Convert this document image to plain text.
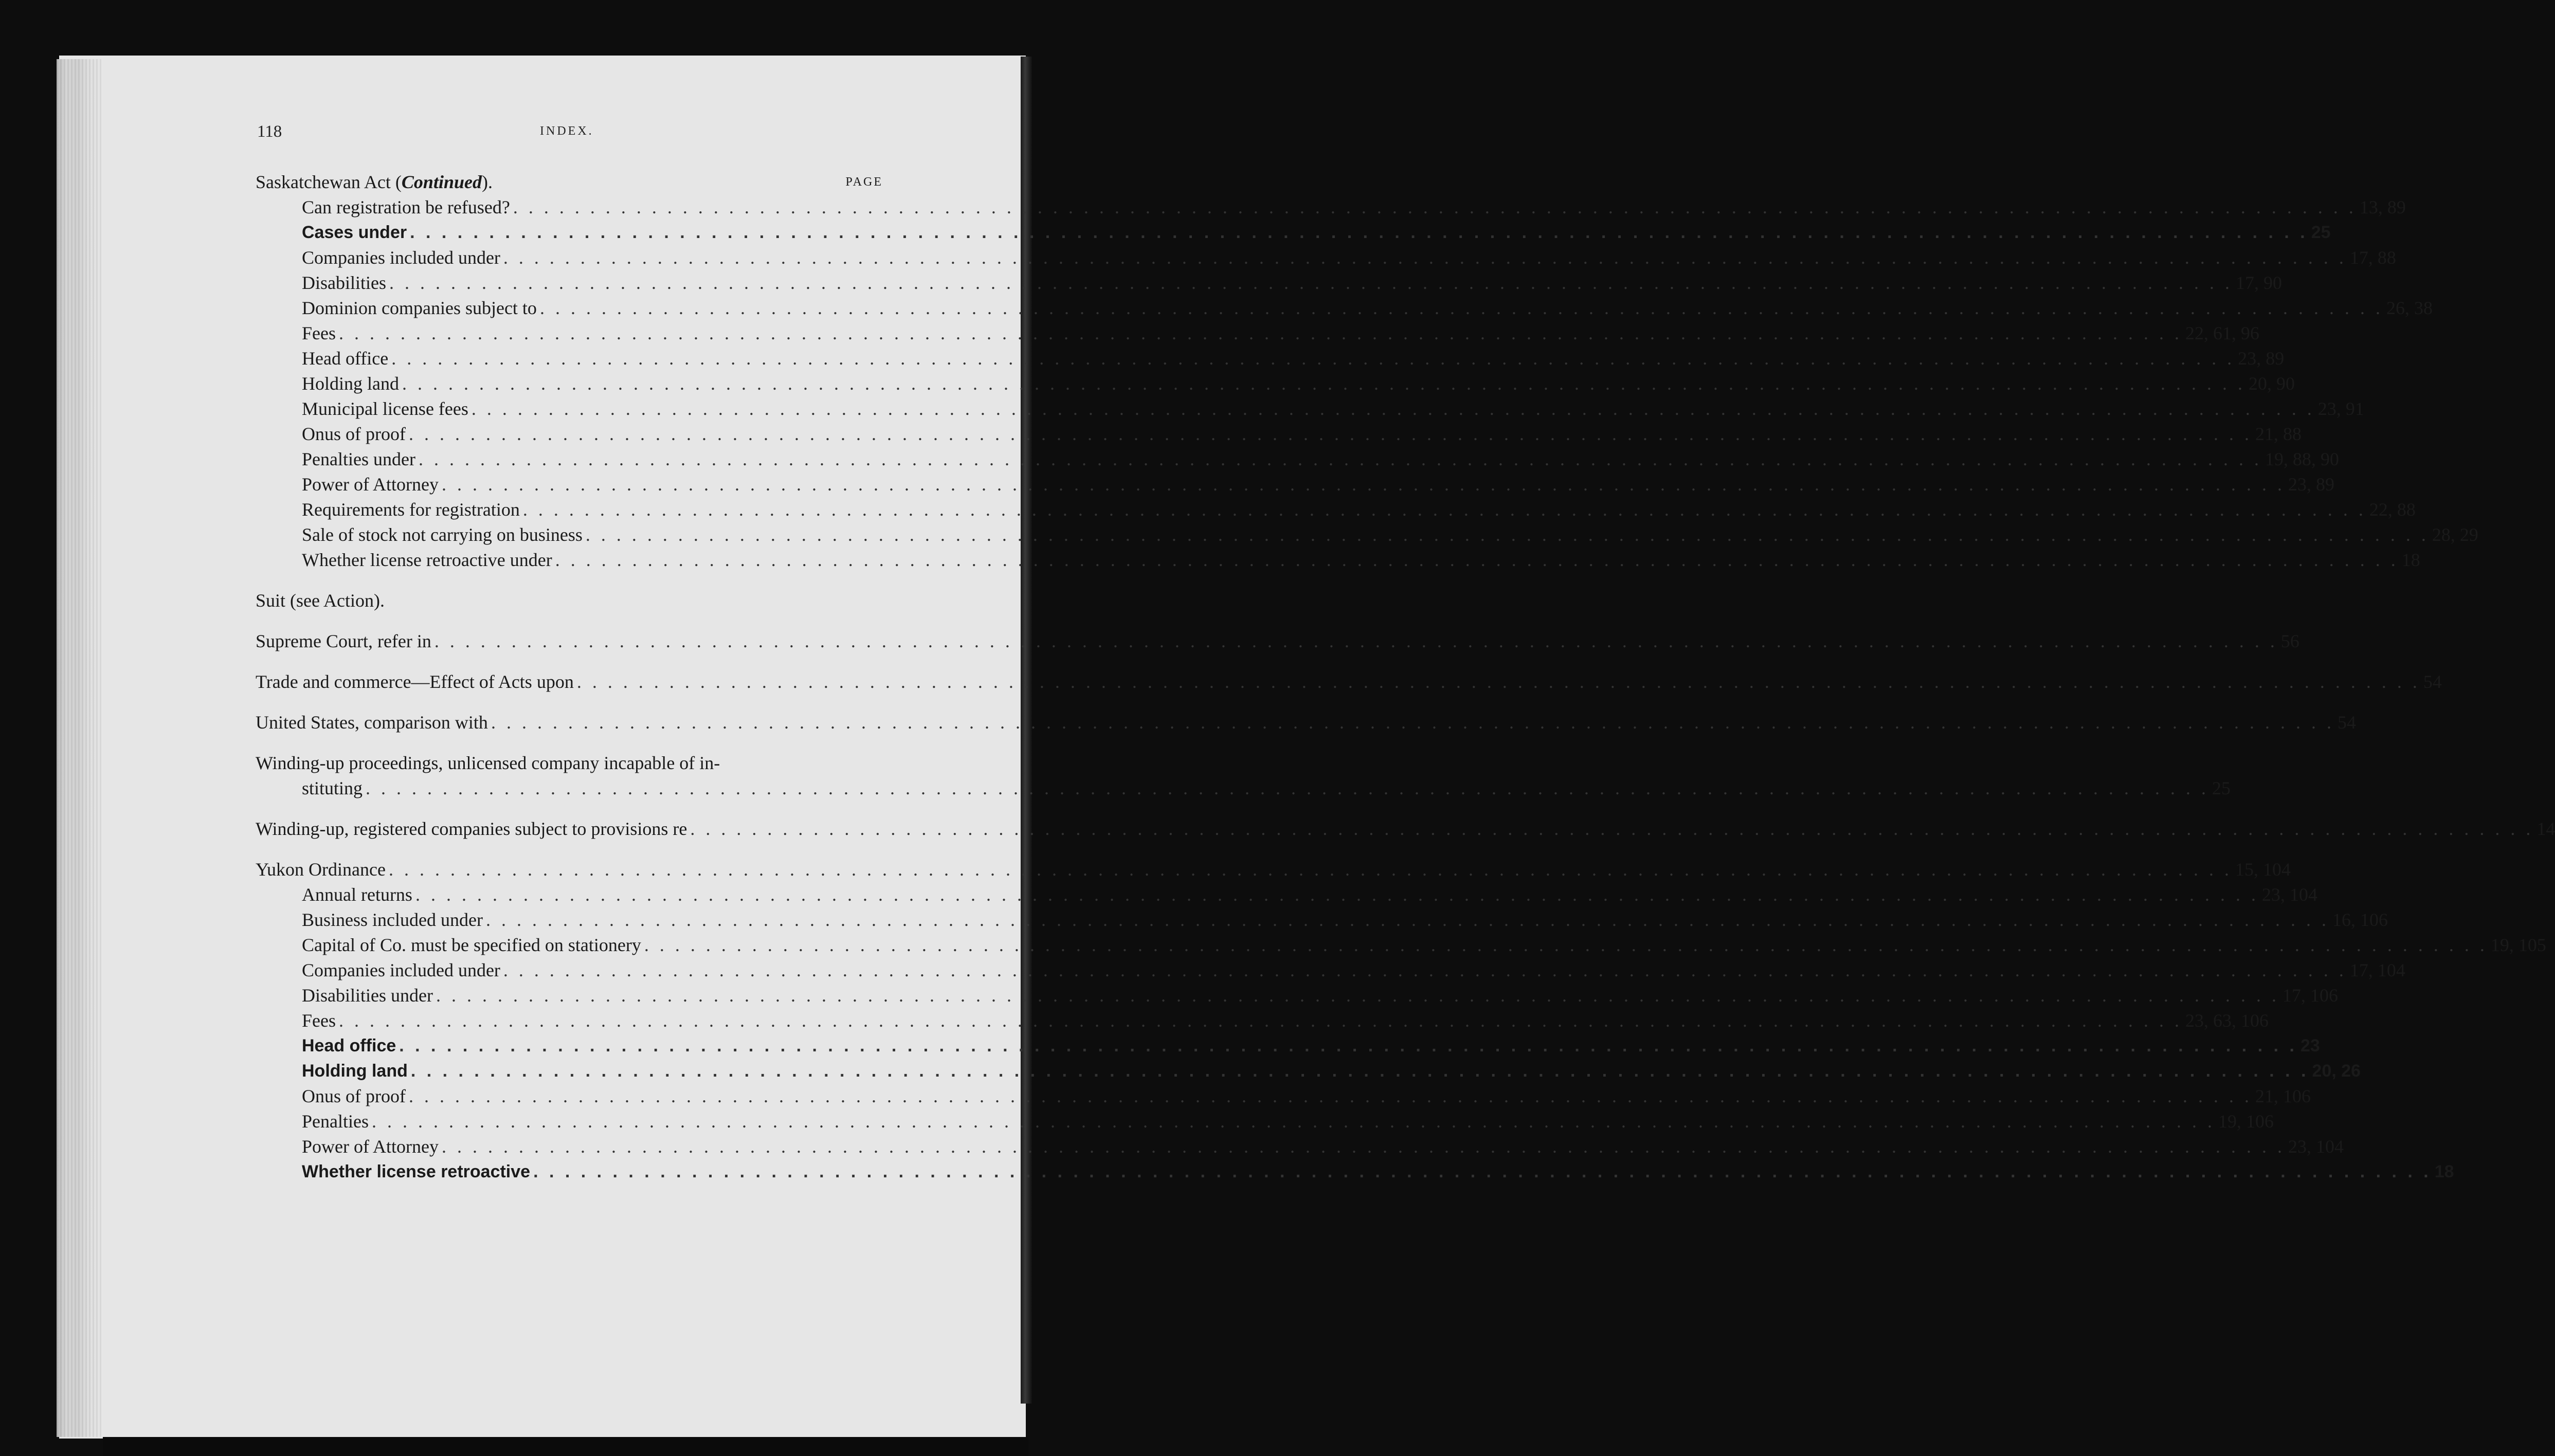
118	INDEX.
Saskatchewan Act (Continued).	PAGE
Can registration be refused? . . . . . . . . . . . . . . . . . . . . . . . . . . . . . . . . . . . . . . . . . . . . . . . . . . . . . . . . . . . . . . . . . . . . . . . . . . . . . . . . . . . . . . . . . . . . . . . . . . . . . . . . . . . . . . . . . . . . . . . . 13, 89
Cases under . . . . . . . . . . . . . . . . . . . . . . . . . . . . . . . . . . . . . . . . . . . . . . . . . . . . . . . . . . . . . . . . . . . . . . . . . . . . . . . . . . . . . . . . . . . . . . . . . . . . . . . . . . . . . . . . . . . . . . . . 25
Companies included under . . . . . . . . . . . . . . . . . . . . . . . . . . . . . . . . . . . . . . . . . . . . . . . . . . . . . . . . . . . . . . . . . . . . . . . . . . . . . . . . . . . . . . . . . . . . . . . . . . . . . . . . . . . . . . . . . . . . . . . . 17, 88
Disabilities . . . . . . . . . . . . . . . . . . . . . . . . . . . . . . . . . . . . . . . . . . . . . . . . . . . . . . . . . . . . . . . . . . . . . . . . . . . . . . . . . . . . . . . . . . . . . . . . . . . . . . . . . . . . . . . . . . . . . . . . 17, 90
Dominion companies subject to . . . . . . . . . . . . . . . . . . . . . . . . . . . . . . . . . . . . . . . . . . . . . . . . . . . . . . . . . . . . . . . . . . . . . . . . . . . . . . . . . . . . . . . . . . . . . . . . . . . . . . . . . . . . . . . . . . . . . . . . 26, 38
Fees . . . . . . . . . . . . . . . . . . . . . . . . . . . . . . . . . . . . . . . . . . . . . . . . . . . . . . . . . . . . . . . . . . . . . . . . . . . . . . . . . . . . . . . . . . . . . . . . . . . . . . . . . . . . . . . . . . . . . . . . 22, 61, 96
Head office . . . . . . . . . . . . . . . . . . . . . . . . . . . . . . . . . . . . . . . . . . . . . . . . . . . . . . . . . . . . . . . . . . . . . . . . . . . . . . . . . . . . . . . . . . . . . . . . . . . . . . . . . . . . . . . . . . . . . . . . 23, 89
Holding land . . . . . . . . . . . . . . . . . . . . . . . . . . . . . . . . . . . . . . . . . . . . . . . . . . . . . . . . . . . . . . . . . . . . . . . . . . . . . . . . . . . . . . . . . . . . . . . . . . . . . . . . . . . . . . . . . . . . . . . . 20, 90
Municipal license fees . . . . . . . . . . . . . . . . . . . . . . . . . . . . . . . . . . . . . . . . . . . . . . . . . . . . . . . . . . . . . . . . . . . . . . . . . . . . . . . . . . . . . . . . . . . . . . . . . . . . . . . . . . . . . . . . . . . . . . . . 23, 91
Onus of proof . . . . . . . . . . . . . . . . . . . . . . . . . . . . . . . . . . . . . . . . . . . . . . . . . . . . . . . . . . . . . . . . . . . . . . . . . . . . . . . . . . . . . . . . . . . . . . . . . . . . . . . . . . . . . . . . . . . . . . . . 21, 88
Penalties under . . . . . . . . . . . . . . . . . . . . . . . . . . . . . . . . . . . . . . . . . . . . . . . . . . . . . . . . . . . . . . . . . . . . . . . . . . . . . . . . . . . . . . . . . . . . . . . . . . . . . . . . . . . . . . . . . . . . . . . . 19, 88, 90
Power of Attorney . . . . . . . . . . . . . . . . . . . . . . . . . . . . . . . . . . . . . . . . . . . . . . . . . . . . . . . . . . . . . . . . . . . . . . . . . . . . . . . . . . . . . . . . . . . . . . . . . . . . . . . . . . . . . . . . . . . . . . . . 23, 89
Requirements for registration . . . . . . . . . . . . . . . . . . . . . . . . . . . . . . . . . . . . . . . . . . . . . . . . . . . . . . . . . . . . . . . . . . . . . . . . . . . . . . . . . . . . . . . . . . . . . . . . . . . . . . . . . . . . . . . . . . . . . . . . 22, 88
Sale of stock not carrying on business . . . . . . . . . . . . . . . . . . . . . . . . . . . . . . . . . . . . . . . . . . . . . . . . . . . . . . . . . . . . . . . . . . . . . . . . . . . . . . . . . . . . . . . . . . . . . . . . . . . . . . . . . . . . . . . . . . . . . . . . 28, 29
Whether license retroactive under . . . . . . . . . . . . . . . . . . . . . . . . . . . . . . . . . . . . . . . . . . . . . . . . . . . . . . . . . . . . . . . . . . . . . . . . . . . . . . . . . . . . . . . . . . . . . . . . . . . . . . . . . . . . . . . . . . . . . . . . 18
Suit (see Action).
Supreme Court, refer in . . . . . . . . . . . . . . . . . . . . . . . . . . . . . . . . . . . . . . . . . . . . . . . . . . . . . . . . . . . . . . . . . . . . . . . . . . . . . . . . . . . . . . . . . . . . . . . . . . . . . . . . . . . . . . . . . . . . . . . . 56
Trade and commerce—Effect of Acts upon . . . . . . . . . . . . . . . . . . . . . . . . . . . . . . . . . . . . . . . . . . . . . . . . . . . . . . . . . . . . . . . . . . . . . . . . . . . . . . . . . . . . . . . . . . . . . . . . . . . . . . . . . . . . . . . . . . . . . . . . 54
United States, comparison with . . . . . . . . . . . . . . . . . . . . . . . . . . . . . . . . . . . . . . . . . . . . . . . . . . . . . . . . . . . . . . . . . . . . . . . . . . . . . . . . . . . . . . . . . . . . . . . . . . . . . . . . . . . . . . . . . . . . . . . . 54
Winding-up proceedings, unlicensed company incapable of in-
stituting . . . . . . . . . . . . . . . . . . . . . . . . . . . . . . . . . . . . . . . . . . . . . . . . . . . . . . . . . . . . . . . . . . . . . . . . . . . . . . . . . . . . . . . . . . . . . . . . . . . . . . . . . . . . . . . . . . . . . . . . 25
Winding-up, registered companies subject to provisions re . . . . . . . . . . . . . . . . . . . . . . . . . . . . . . . . . . . . . . . . . . . . . . . . . . . . . . . . . . . . . . . . . . . . . . . . . . . . . . . . . . . . . . . . . . . . . . . . . . . . . . . . . . . . . . . . . . . . . . . . 14
Yukon Ordinance . . . . . . . . . . . . . . . . . . . . . . . . . . . . . . . . . . . . . . . . . . . . . . . . . . . . . . . . . . . . . . . . . . . . . . . . . . . . . . . . . . . . . . . . . . . . . . . . . . . . . . . . . . . . . . . . . . . . . . . . 15, 104
Annual returns . . . . . . . . . . . . . . . . . . . . . . . . . . . . . . . . . . . . . . . . . . . . . . . . . . . . . . . . . . . . . . . . . . . . . . . . . . . . . . . . . . . . . . . . . . . . . . . . . . . . . . . . . . . . . . . . . . . . . . . . 23, 104
Business included under . . . . . . . . . . . . . . . . . . . . . . . . . . . . . . . . . . . . . . . . . . . . . . . . . . . . . . . . . . . . . . . . . . . . . . . . . . . . . . . . . . . . . . . . . . . . . . . . . . . . . . . . . . . . . . . . . . . . . . . . 16, 106
Capital of Co. must be specified on stationery . . . . . . . . . . . . . . . . . . . . . . . . . . . . . . . . . . . . . . . . . . . . . . . . . . . . . . . . . . . . . . . . . . . . . . . . . . . . . . . . . . . . . . . . . . . . . . . . . . . . . . . . . . . . . . . . . . . . . . . . 19, 105
Companies included under . . . . . . . . . . . . . . . . . . . . . . . . . . . . . . . . . . . . . . . . . . . . . . . . . . . . . . . . . . . . . . . . . . . . . . . . . . . . . . . . . . . . . . . . . . . . . . . . . . . . . . . . . . . . . . . . . . . . . . . . 17, 104
Disabilities under . . . . . . . . . . . . . . . . . . . . . . . . . . . . . . . . . . . . . . . . . . . . . . . . . . . . . . . . . . . . . . . . . . . . . . . . . . . . . . . . . . . . . . . . . . . . . . . . . . . . . . . . . . . . . . . . . . . . . . . . 17, 106
Fees . . . . . . . . . . . . . . . . . . . . . . . . . . . . . . . . . . . . . . . . . . . . . . . . . . . . . . . . . . . . . . . . . . . . . . . . . . . . . . . . . . . . . . . . . . . . . . . . . . . . . . . . . . . . . . . . . . . . . . . . 23, 63, 106
Head office . . . . . . . . . . . . . . . . . . . . . . . . . . . . . . . . . . . . . . . . . . . . . . . . . . . . . . . . . . . . . . . . . . . . . . . . . . . . . . . . . . . . . . . . . . . . . . . . . . . . . . . . . . . . . . . . . . . . . . . . 23
Holding land . . . . . . . . . . . . . . . . . . . . . . . . . . . . . . . . . . . . . . . . . . . . . . . . . . . . . . . . . . . . . . . . . . . . . . . . . . . . . . . . . . . . . . . . . . . . . . . . . . . . . . . . . . . . . . . . . . . . . . . . 20, 26
Onus of proof . . . . . . . . . . . . . . . . . . . . . . . . . . . . . . . . . . . . . . . . . . . . . . . . . . . . . . . . . . . . . . . . . . . . . . . . . . . . . . . . . . . . . . . . . . . . . . . . . . . . . . . . . . . . . . . . . . . . . . . . 21, 106
Penalties . . . . . . . . . . . . . . . . . . . . . . . . . . . . . . . . . . . . . . . . . . . . . . . . . . . . . . . . . . . . . . . . . . . . . . . . . . . . . . . . . . . . . . . . . . . . . . . . . . . . . . . . . . . . . . . . . . . . . . . . 19, 106
Power of Attorney . . . . . . . . . . . . . . . . . . . . . . . . . . . . . . . . . . . . . . . . . . . . . . . . . . . . . . . . . . . . . . . . . . . . . . . . . . . . . . . . . . . . . . . . . . . . . . . . . . . . . . . . . . . . . . . . . . . . . . . . 23, 104
Whether license retroactive . . . . . . . . . . . . . . . . . . . . . . . . . . . . . . . . . . . . . . . . . . . . . . . . . . . . . . . . . . . . . . . . . . . . . . . . . . . . . . . . . . . . . . . . . . . . . . . . . . . . . . . . . . . . . . . . . . . . . . . . 18
